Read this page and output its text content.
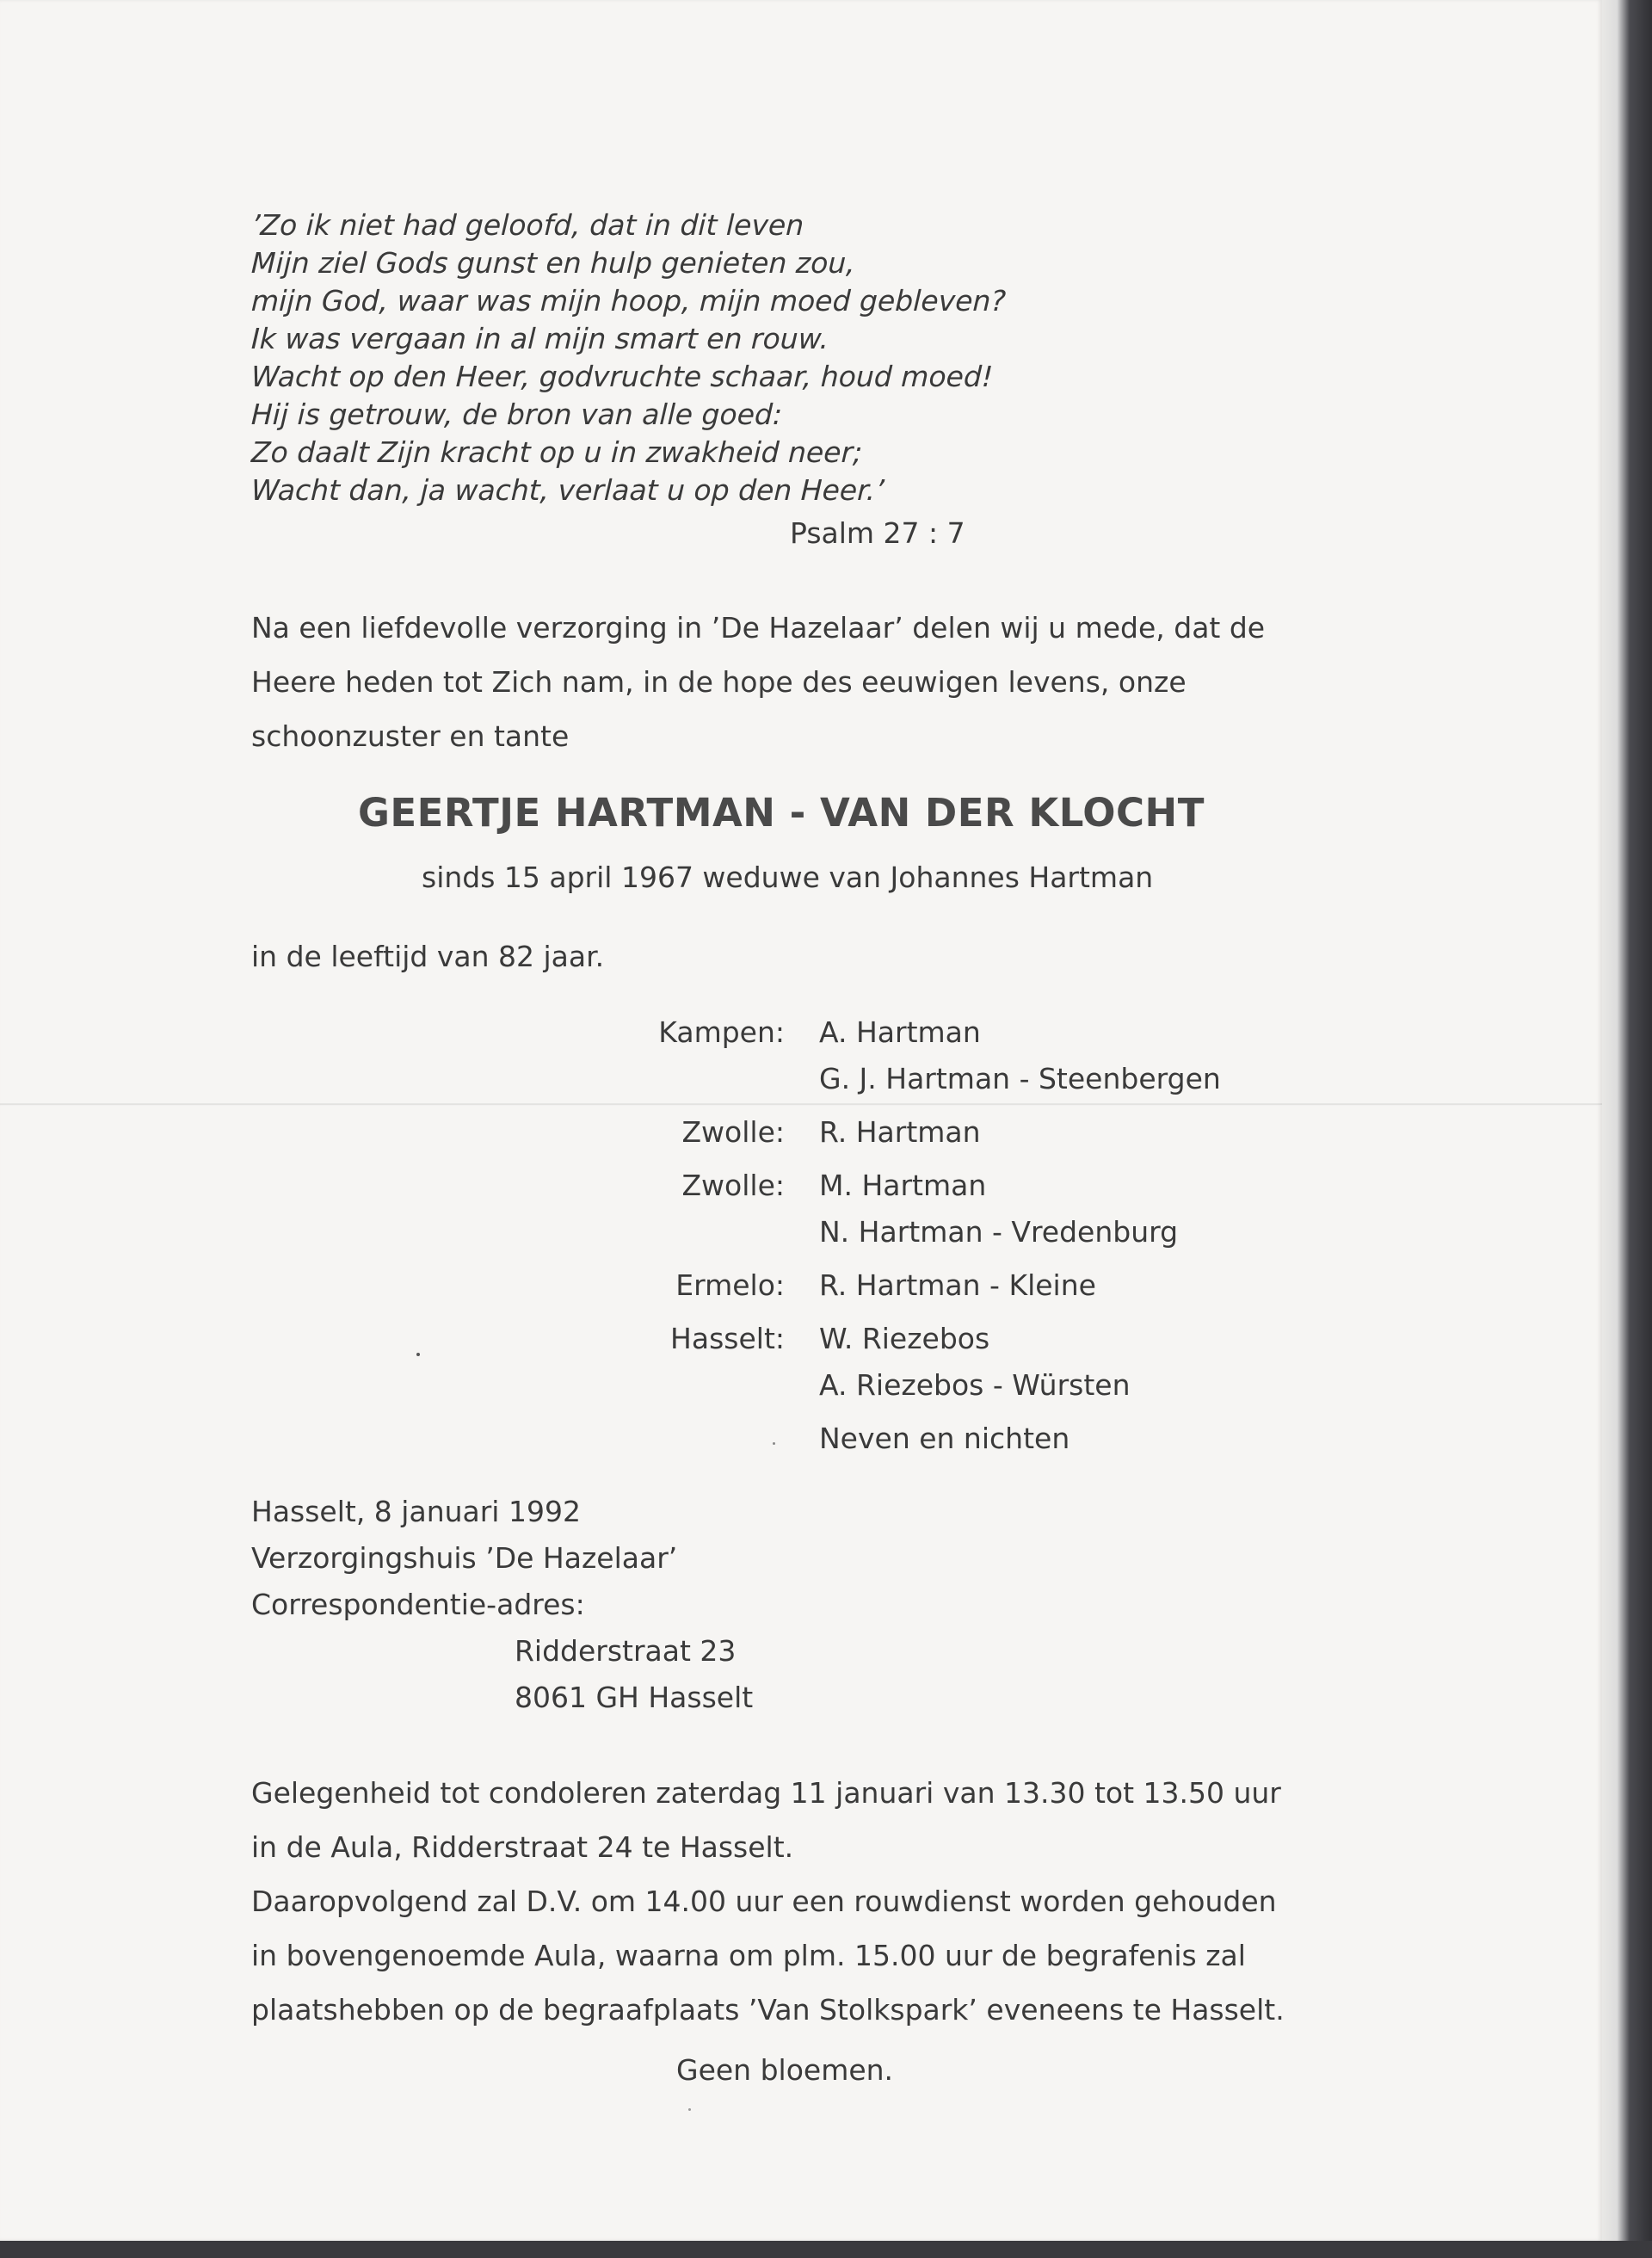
’Zo ik niet had geloofd, dat in dit leven
Mijn ziel Gods gunst en hulp genieten zou,
mijn God, waar was mijn hoop, mijn moed gebleven?
Ik was vergaan in al mijn smart en rouw.
Wacht op den Heer, godvruchte schaar, houd moed!
Hij is getrouw, de bron van alle goed:
Zo daalt Zijn kracht op u in zwakheid neer;
Wacht dan, ja wacht, verlaat u op den Heer.’
Psalm 27 : 7
Na een liefdevolle verzorging in ’De Hazelaar’ delen wij u mede, dat de
Heere heden tot Zich nam, in de hope des eeuwigen levens, onze
schoonzuster en tante
GEERTJE HARTMAN - VAN DER KLOCHT
sinds 15 april 1967 weduwe van Johannes Hartman
in de leeftijd van 82 jaar.
Kampen: A. Hartman
G. J. Hartman - Steenbergen
Zwolle: R. Hartman
Zwolle: M. Hartman
N. Hartman - Vredenburg
Ermelo: R. Hartman - Kleine
Hasselt: W. Riezebos
A. Riezebos - Würsten
Neven en nichten
Hasselt, 8 januari 1992
Verzorgingshuis ’De Hazelaar’
Correspondentie-adres:
Ridderstraat 23
8061 GH Hasselt
Gelegenheid tot condoleren zaterdag 11 januari van 13.30 tot 13.50 uur
in de Aula, Ridderstraat 24 te Hasselt.
Daaropvolgend zal D.V. om 14.00 uur een rouwdienst worden gehouden
in bovengenoemde Aula, waarna om plm. 15.00 uur de begrafenis zal
plaatshebben op de begraafplaats ’Van Stolkspark’ eveneens te Hasselt.
Geen bloemen.
